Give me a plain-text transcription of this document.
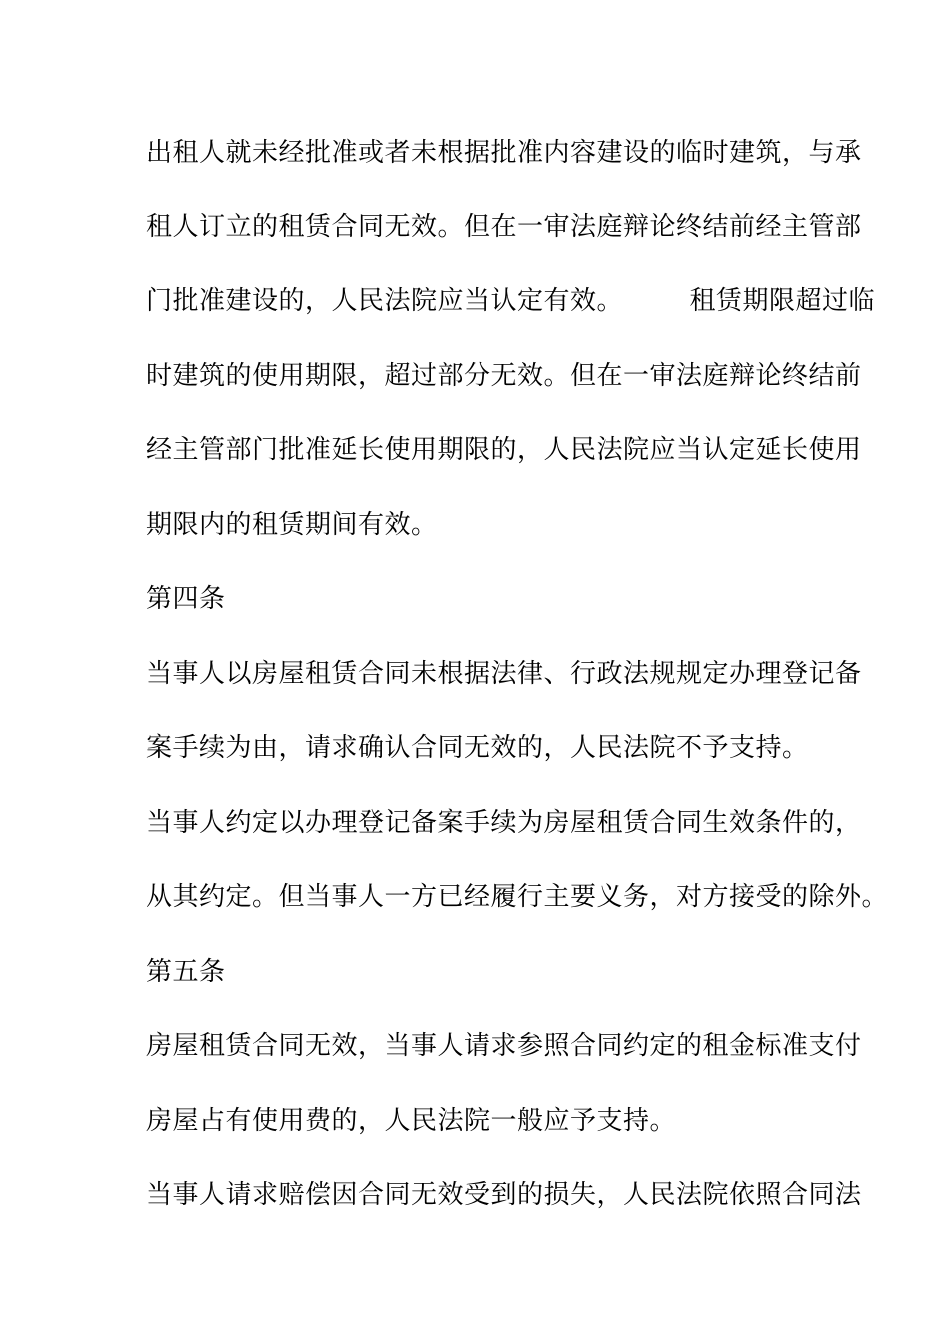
出租人就未经批准或者未根据批准内容建设的临时建筑，与承
租人订立的租赁合同无效。但在一审法庭辩论终结前经主管部
门批准建设的，人民法院应当认定有效。　　　租赁期限超过临
时建筑的使用期限，超过部分无效。但在一审法庭辩论终结前
经主管部门批准延长使用期限的，人民法院应当认定延长使用
期限内的租赁期间有效。
第四条
当事人以房屋租赁合同未根据法律、行政法规规定办理登记备
案手续为由，请求确认合同无效的，人民法院不予支持。
当事人约定以办理登记备案手续为房屋租赁合同生效条件的，
从其约定。但当事人一方已经履行主要义务，对方接受的除外。
第五条
房屋租赁合同无效，当事人请求参照合同约定的租金标准支付
房屋占有使用费的，人民法院一般应予支持。
当事人请求赔偿因合同无效受到的损失，人民法院依照合同法
